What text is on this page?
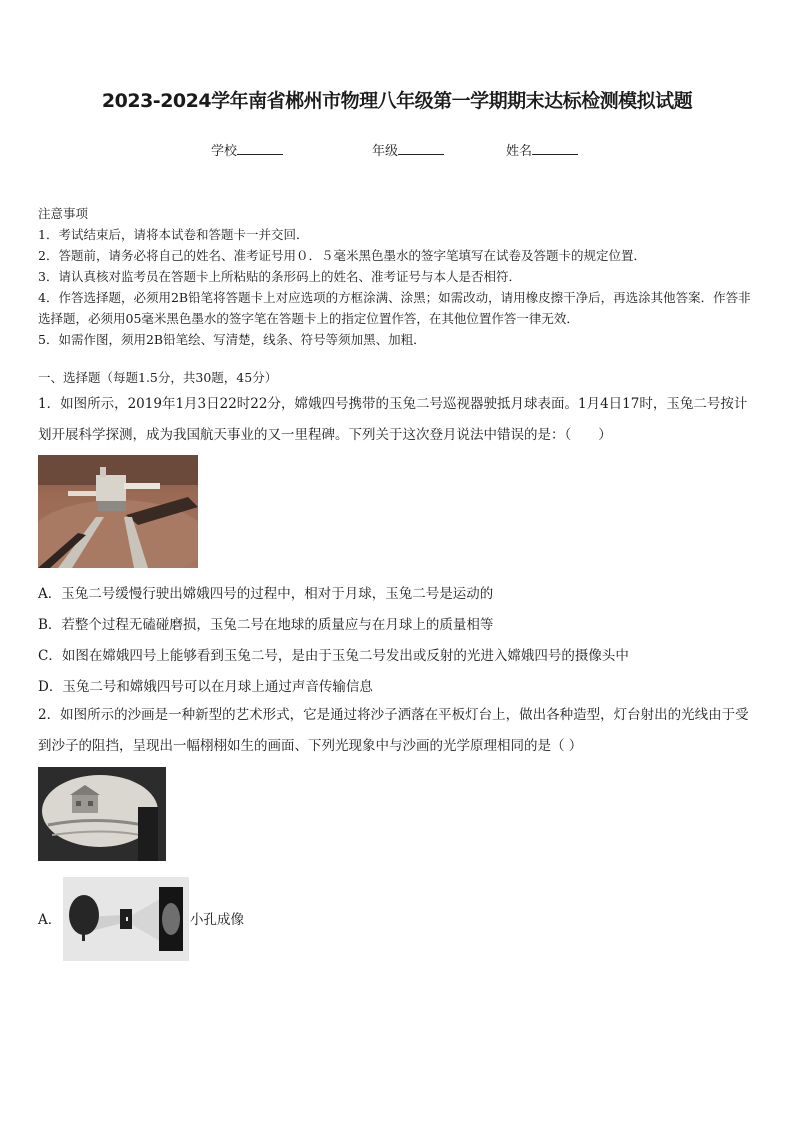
2023-2024学年南省郴州市物理八年级第一学期期末达标检测模拟试题
学校	年级	姓名
注意事项
1．考试结束后，请将本试卷和答题卡一并交回．
2．答题前，请务必将自己的姓名、准考证号用０．５毫米黑色墨水的签字笔填写在试卷及答题卡的规定位置．
3．请认真核对监考员在答题卡上所粘贴的条形码上的姓名、准考证号与本人是否相符．
4．作答选择题，必须用2B铅笔将答题卡上对应选项的方框涂满、涂黑；如需改动，请用橡皮擦干净后，再选涂其他答案．作答非选择题，必须用05毫米黑色墨水的签字笔在答题卡上的指定位置作答，在其他位置作答一律无效．
5．如需作图，须用2B铅笔绘、写清楚，线条、符号等须加黑、加粗．
一、选择题（每题1.5分，共30题，45分）
1．如图所示，2019年1月3日22时22分，嫦娥四号携带的玉兔二号巡视器驶抵月球表面。1月4日17时，玉兔二号按计划开展科学探测，成为我国航天事业的又一里程碑。下列关于这次登月说法中错误的是：（　　）
A．玉兔二号缓慢行驶出嫦娥四号的过程中，相对于月球，玉兔二号是运动的
B．若整个过程无磕碰磨损，玉兔二号在地球的质量应与在月球上的质量相等
C．如图在嫦娥四号上能够看到玉兔二号，是由于玉兔二号发出或反射的光进入嫦娥四号的摄像头中
D．玉兔二号和嫦娥四号可以在月球上通过声音传输信息
2．如图所示的沙画是一种新型的艺术形式，它是通过将沙子洒落在平板灯台上，做出各种造型，灯台射出的光线由于受到沙子的阻挡，呈现出一幅栩栩如生的画面、下列光现象中与沙画的光学原理相同的是（ ）
A．	小孔成像
